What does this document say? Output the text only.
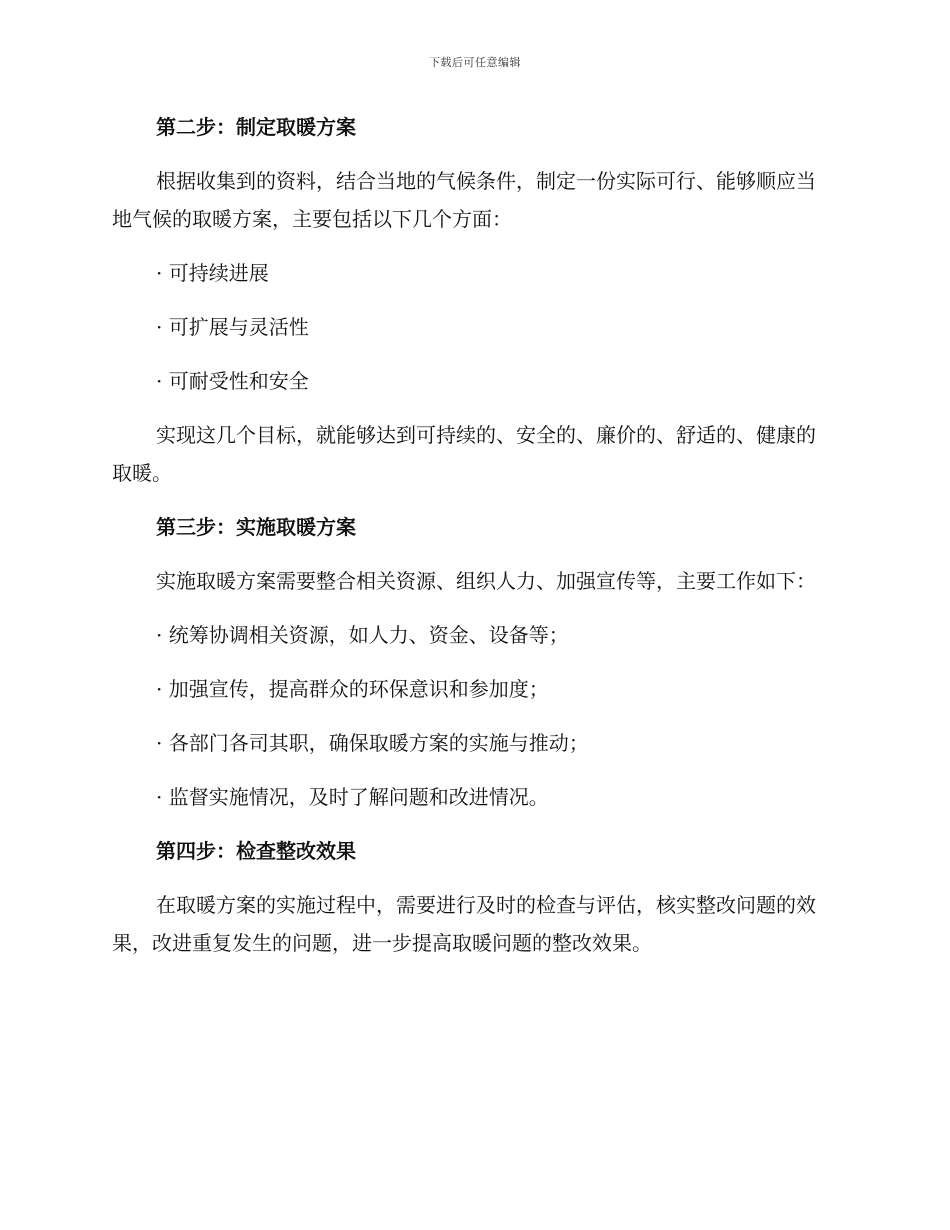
下载后可任意编辑
第二步：制定取暖方案

根据收集到的资料，结合当地的气候条件，制定一份实际可行、能够顺应当地气候的取暖方案，主要包括以下几个方面：

· 可持续进展
· 可扩展与灵活性
· 可耐受性和安全

实现这几个目标，就能够达到可持续的、安全的、廉价的、舒适的、健康的取暖。

第三步：实施取暖方案

实施取暖方案需要整合相关资源、组织人力、加强宣传等，主要工作如下：

· 统筹协调相关资源，如人力、资金、设备等；
· 加强宣传，提高群众的环保意识和参加度；
· 各部门各司其职，确保取暖方案的实施与推动；
· 监督实施情况，及时了解问题和改进情况。
第四步：检查整改效果

在取暖方案的实施过程中，需要进行及时的检查与评估，核实整改问题的效果，改进重复发生的问题，进一步提高取暖问题的整改效果。
